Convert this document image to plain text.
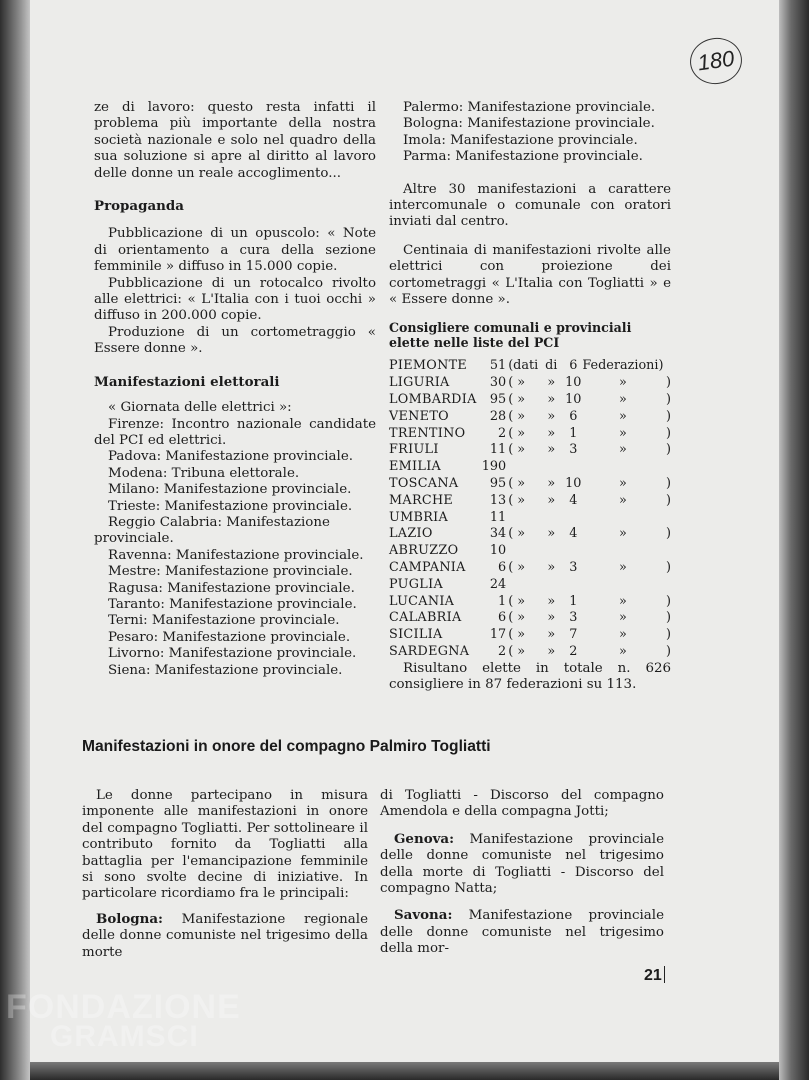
180

ze di lavoro: questo resta infatti il problema più importante della nostra società nazionale e solo nel quadro della sua soluzione si apre al diritto al lavoro delle donne un reale accoglimento...

Propaganda

Pubblicazione di un opuscolo: « Note di orientamento a cura della sezione femminile » diffuso in 15.000 copie.

Pubblicazione di un rotocalco rivolto alle elettrici: « L'Italia con i tuoi occhi » diffuso in 200.000 copie.

Produzione di un cortometraggio « Essere donne ».

Manifestazioni elettorali

« Giornata delle elettrici »:

Firenze: Incontro nazionale candidate del PCI ed elettrici.

Padova: Manifestazione provinciale.

Modena: Tribuna elettorale.

Milano: Manifestazione provinciale.

Trieste: Manifestazione provinciale.

Reggio Calabria: Manifestazione provinciale.

Ravenna: Manifestazione provinciale.

Mestre: Manifestazione provinciale.

Ragusa: Manifestazione provinciale.

Taranto: Manifestazione provinciale.

Terni: Manifestazione provinciale.

Pesaro: Manifestazione provinciale.

Livorno: Manifestazione provinciale.

Siena: Manifestazione provinciale.

Palermo: Manifestazione provinciale.

Bologna: Manifestazione provinciale.

Imola: Manifestazione provinciale.

Parma: Manifestazione provinciale.

Altre 30 manifestazioni a carattere intercomunale o comunale con oratori inviati dal centro.

Centinaia di manifestazioni rivolte alle elettrici con proiezione dei cortometraggi « L'Italia con Togliatti » e « Essere donne ».

Consigliere comunali e provinciali elette nelle liste del PCI

PIEMONTE	51	(dati	di	6	Federazioni)	
LIGURIA	30	( »	»	10	»	)
LOMBARDIA	95	( »	»	10	»	)
VENETO	28	( »	»	6	»	)
TRENTINO	2	( »	»	1	»	)
FRIULI	11	( »	»	3	»	)
EMILIA	190					
TOSCANA	95	( »	»	10	»	)
MARCHE	13	( »	»	4	»	)
UMBRIA	11					
LAZIO	34	( »	»	4	»	)
ABRUZZO	10					
CAMPANIA	6	( »	»	3	»	)
PUGLIA	24					
LUCANIA	1	( »	»	1	»	)
CALABRIA	6	( »	»	3	»	)
SICILIA	17	( »	»	7	»	)
SARDEGNA	2	( »	»	2	»	)

Risultano elette in totale n. 626 consigliere in 87 federazioni su 113.

Manifestazioni in onore del compagno Palmiro Togliatti

Le donne partecipano in misura imponente alle manifestazioni in onore del compagno Togliatti. Per sottolineare il contributo fornito da Togliatti alla battaglia per l'emancipazione femminile si sono svolte decine di iniziative. In particolare ricordiamo fra le principali:

Bologna: Manifestazione regionale delle donne comuniste nel trigesimo della morte

di Togliatti - Discorso del compagno Amendola e della compagna Jotti;

Genova: Manifestazione provinciale delle donne comuniste nel trigesimo della morte di Togliatti - Discorso del compagno Natta;

Savona: Manifestazione provinciale delle donne comuniste nel trigesimo della mor-

21
FONDAZIONE
GRAMSCI
